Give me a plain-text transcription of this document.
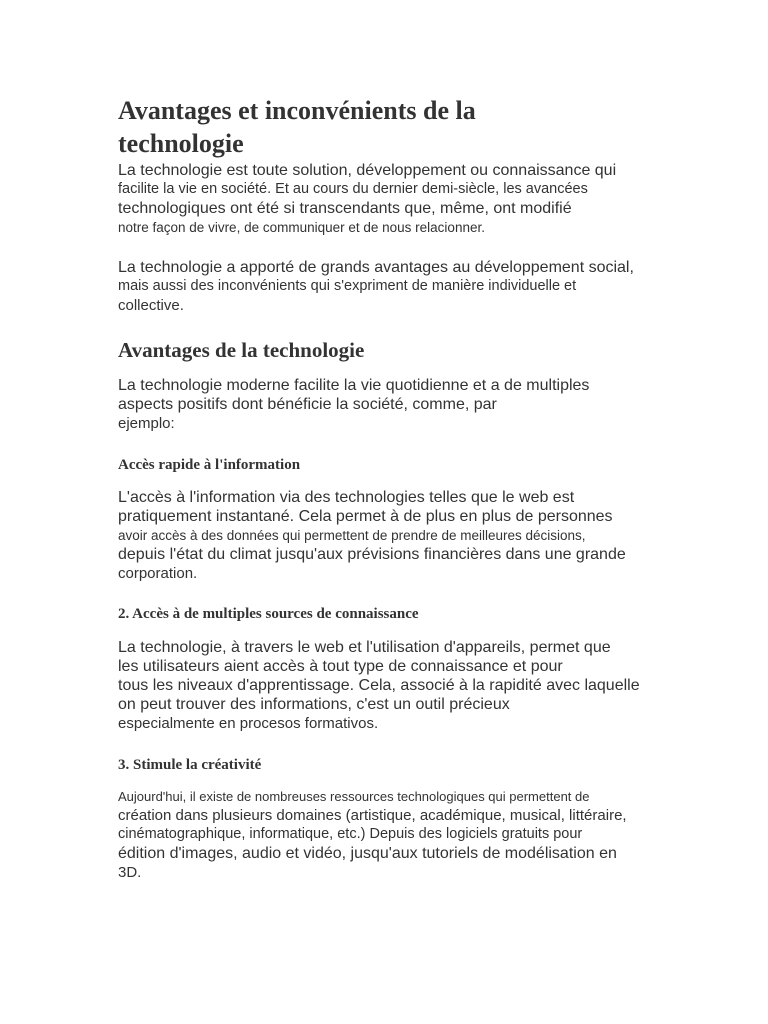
Avantages et inconvénients de la
technologie
La technologie est toute solution, développement ou connaissance qui
facilite la vie en société. Et au cours du dernier demi-siècle, les avancées
technologiques ont été si transcendants que, même, ont modifié
notre façon de vivre, de communiquer et de nous relacionner.
La technologie a apporté de grands avantages au développement social,
mais aussi des inconvénients qui s'expriment de manière individuelle et
collective.
Avantages de la technologie
La technologie moderne facilite la vie quotidienne et a de multiples
aspects positifs dont bénéficie la société, comme, par
ejemplo:
Accès rapide à l'information
L'accès à l'information via des technologies telles que le web est
pratiquement instantané. Cela permet à de plus en plus de personnes
avoir accès à des données qui permettent de prendre de meilleures décisions,
depuis l'état du climat jusqu'aux prévisions financières dans une grande
corporation.
2. Accès à de multiples sources de connaissance
La technologie, à travers le web et l'utilisation d'appareils, permet que
les utilisateurs aient accès à tout type de connaissance et pour
tous les niveaux d'apprentissage. Cela, associé à la rapidité avec laquelle
on peut trouver des informations, c'est un outil précieux
especialmente en procesos formativos.
3. Stimule la créativité
Aujourd'hui, il existe de nombreuses ressources technologiques qui permettent de
création dans plusieurs domaines (artistique, académique, musical, littéraire,
cinématographique, informatique, etc.) Depuis des logiciels gratuits pour
édition d'images, audio et vidéo, jusqu'aux tutoriels de modélisation en
3D.
